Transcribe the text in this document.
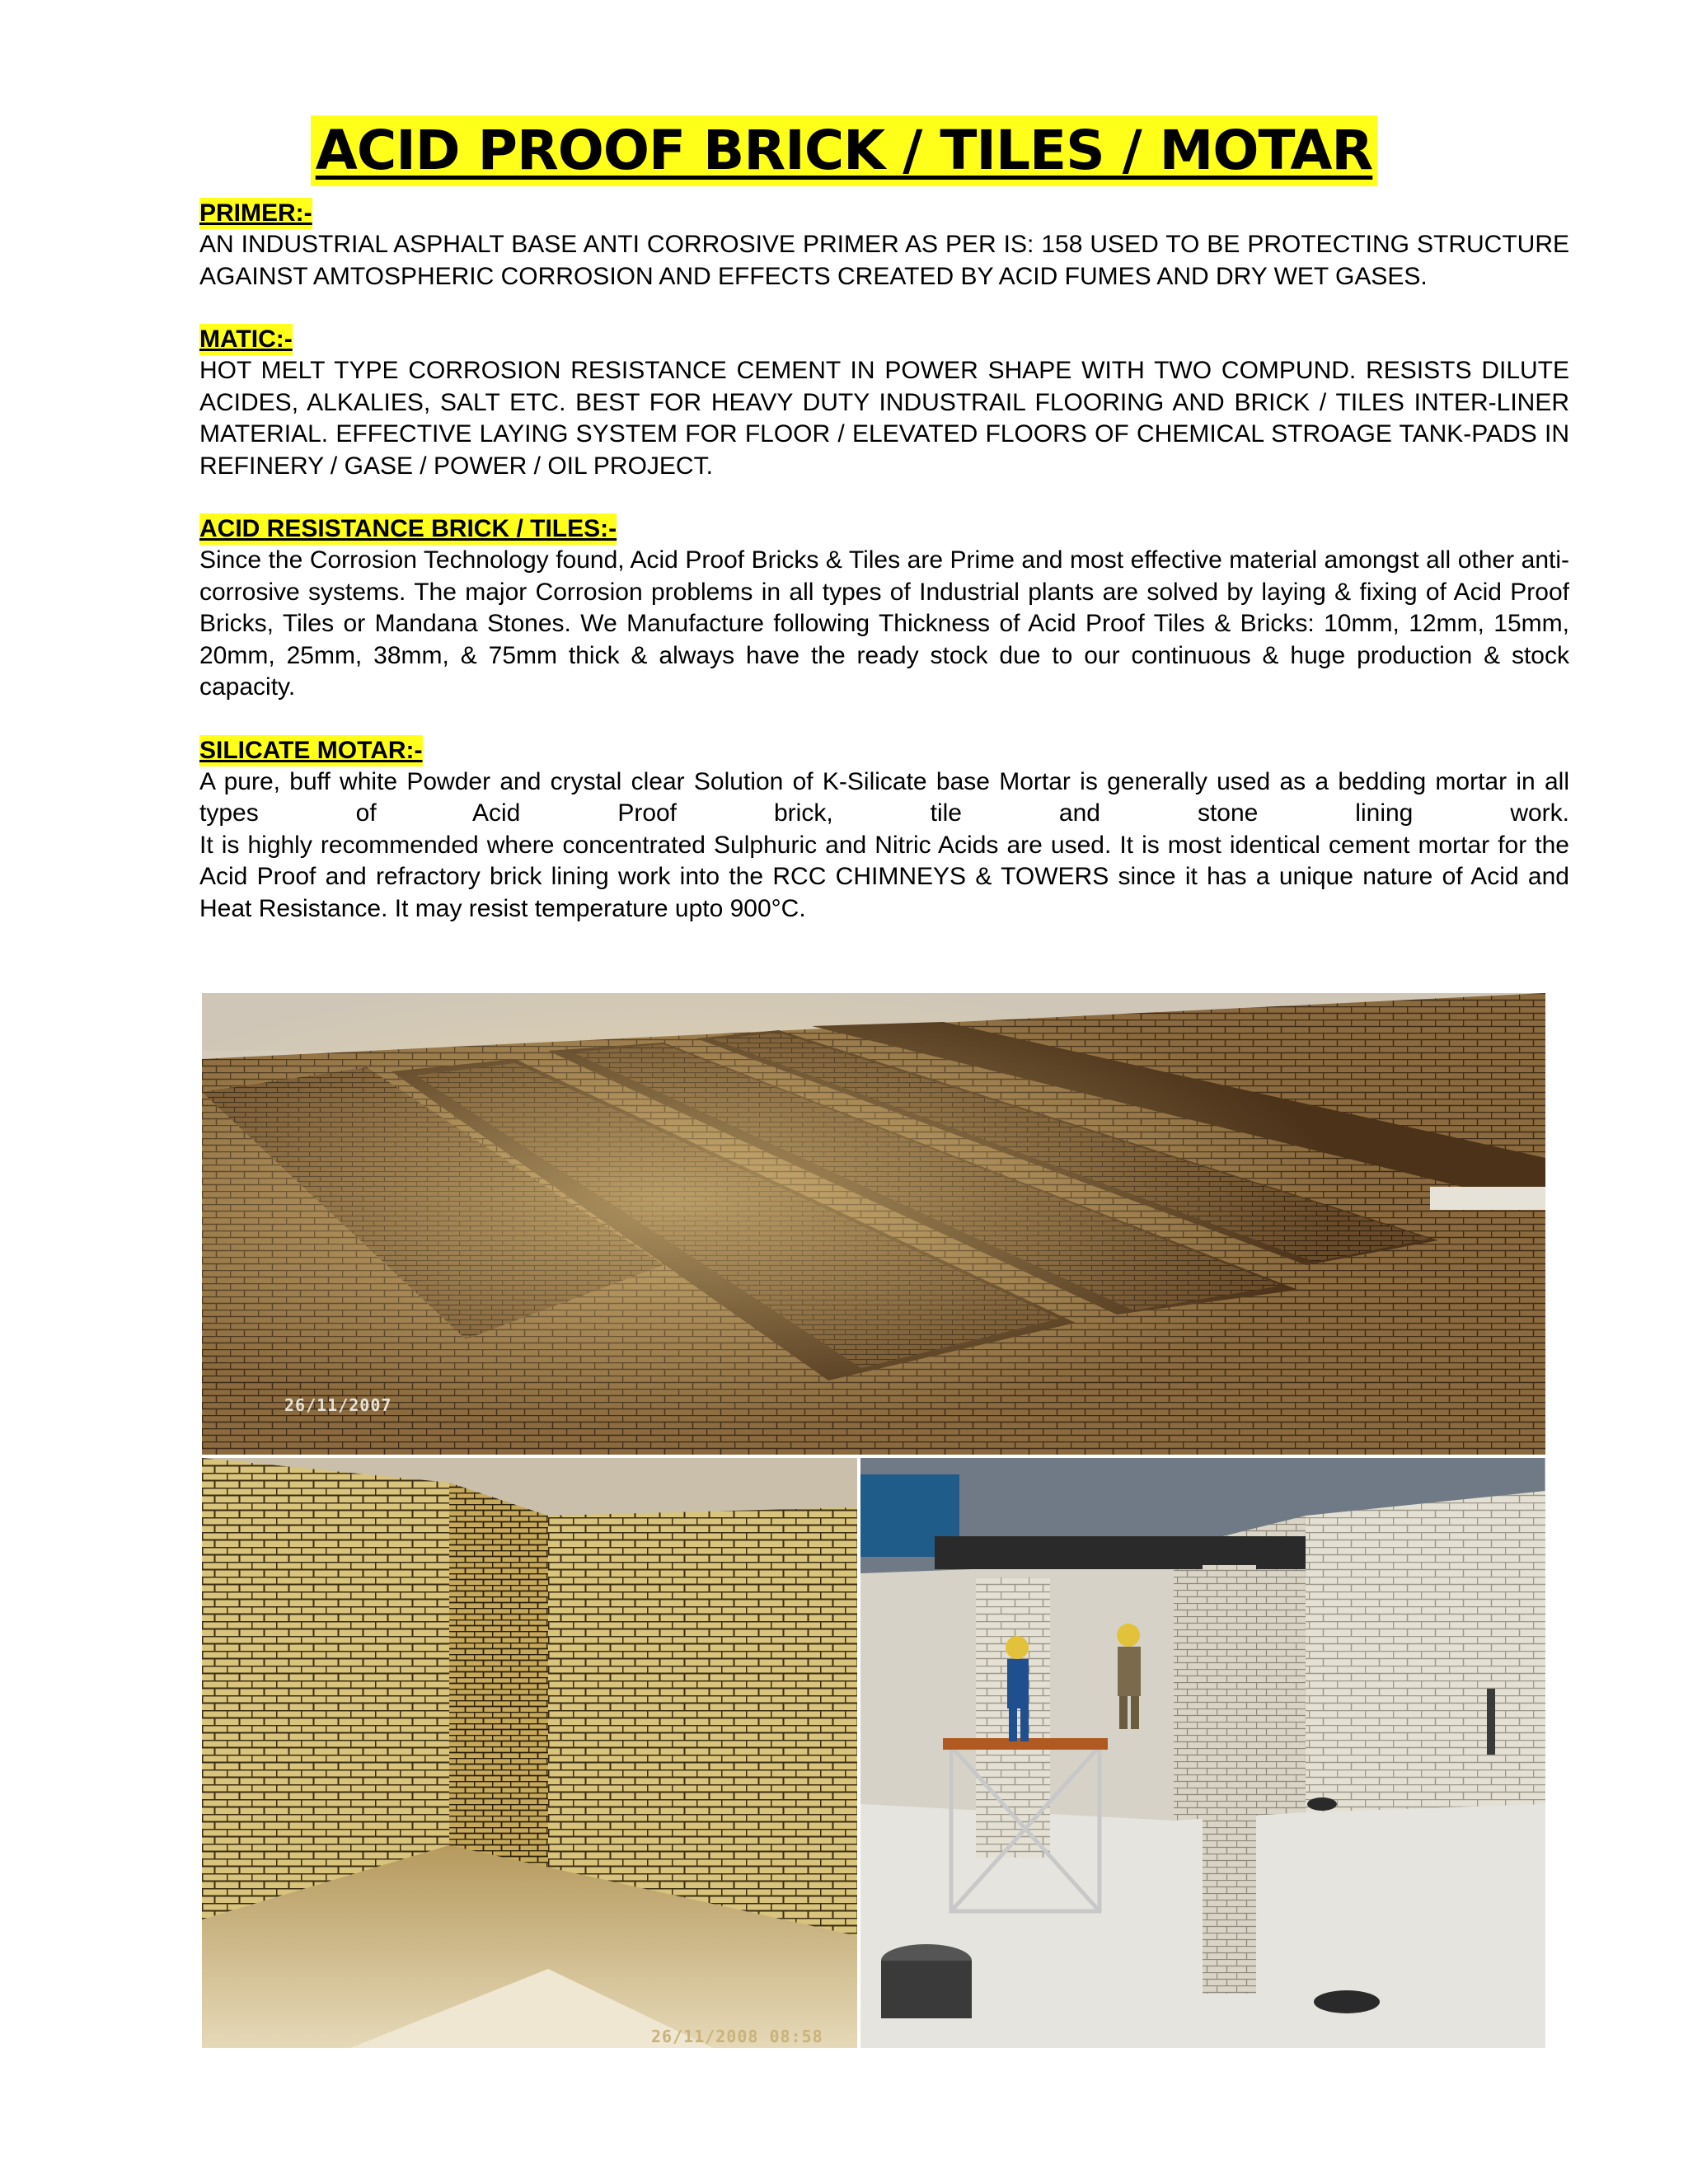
ACID PROOF BRICK / TILES / MOTAR
PRIMER:-

AN INDUSTRIAL ASPHALT BASE ANTI CORROSIVE PRIMER AS PER IS: 158 USED TO BE PROTECTING STRUCTURE AGAINST AMTOSPHERIC CORROSION AND EFFECTS CREATED BY ACID FUMES AND DRY WET GASES.

MATIC:-

HOT MELT TYPE CORROSION RESISTANCE CEMENT IN POWER SHAPE WITH TWO COMPUND. RESISTS DILUTE ACIDES, ALKALIES, SALT ETC. BEST FOR HEAVY DUTY INDUSTRAIL FLOORING AND BRICK / TILES INTER-LINER MATERIAL. EFFECTIVE LAYING SYSTEM FOR FLOOR / ELEVATED FLOORS OF CHEMICAL STROAGE TANK-PADS IN REFINERY / GASE / POWER / OIL PROJECT.

ACID RESISTANCE BRICK / TILES:-

Since the Corrosion Technology found, Acid Proof Bricks & Tiles are Prime and most effective material amongst all other anti-corrosive systems. The major Corrosion problems in all types of Industrial plants are solved by laying & fixing of Acid Proof Bricks, Tiles or Mandana Stones. We Manufacture following Thickness of Acid Proof Tiles & Bricks: 10mm, 12mm, 15mm, 20mm, 25mm, 38mm, & 75mm thick & always have the ready stock due to our continuous & huge production & stock capacity.

SILICATE MOTAR:-

A pure, buff white Powder and crystal clear Solution of K-Silicate base Mortar is generally used as a bedding mortar in all types of Acid Proof brick, tile and stone lining work.

It is highly recommended where concentrated Sulphuric and Nitric Acids are used. It is most identical cement mortar for the Acid Proof and refractory brick lining work into the RCC CHIMNEYS & TOWERS since it has a unique nature of Acid and Heat Resistance. It may resist temperature upto 900°C.

26/11/2007
26/11/2008 08:58
